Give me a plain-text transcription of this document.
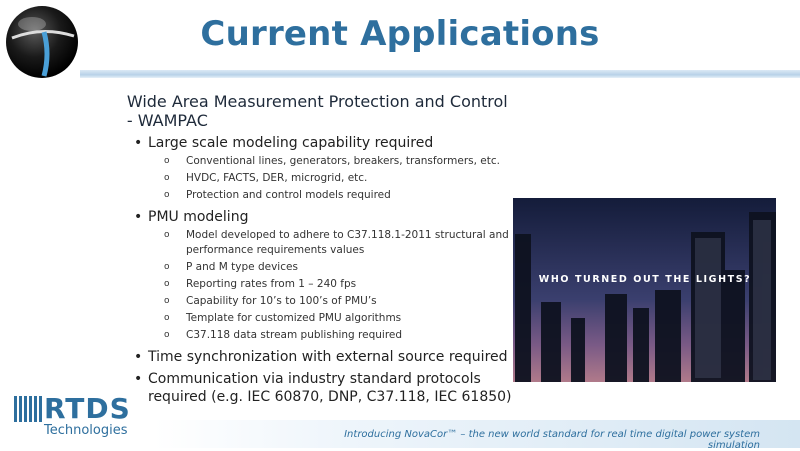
Current Applications
Wide Area Measurement Protection and Control - WAMPAC
• Large scale modeling capability required
o Conventional lines, generators, breakers, transformers, etc.
o HVDC, FACTS, DER, microgrid, etc.
o Protection and control models required
• PMU modeling
o Model developed to adhere to C37.118.1-2011 structural and performance requirements values
o P and M type devices
o Reporting rates from 1 – 240 fps
o Capability for 10’s to 100’s of PMU’s
o Template for customized PMU algorithms
o C37.118 data stream publishing required
• Time synchronization with external source required
• Communication via industry standard protocols required (e.g. IEC 60870, DNP, C37.118, IEC 61850)
WHO TURNED OUT THE LIGHTS?
RTDS
Technologies	Introducing NovaCor™ – the new world standard for real time digital power system simulation
